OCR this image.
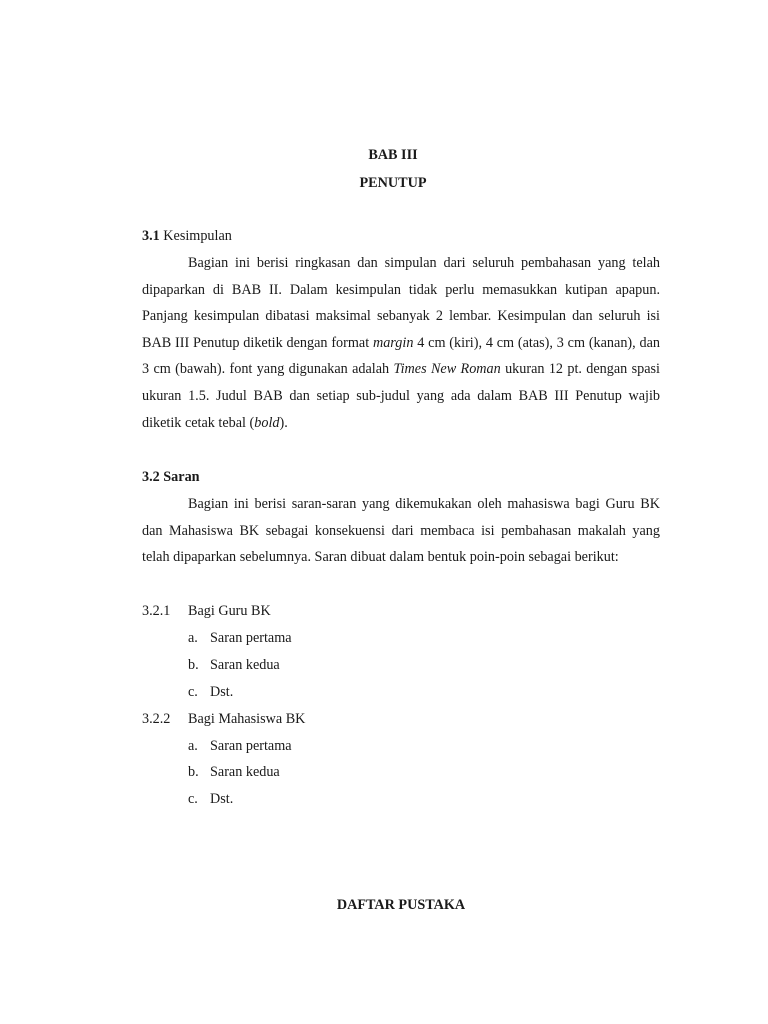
BAB III
PENUTUP
3.1 Kesimpulan
Bagian ini berisi ringkasan dan simpulan dari seluruh pembahasan yang telah dipaparkan di BAB II. Dalam kesimpulan tidak perlu memasukkan kutipan apapun. Panjang kesimpulan dibatasi maksimal sebanyak 2 lembar. Kesimpulan dan seluruh isi BAB III Penutup diketik dengan format margin 4 cm (kiri), 4 cm (atas), 3 cm (kanan), dan 3 cm (bawah). font yang digunakan adalah Times New Roman ukuran 12 pt. dengan spasi ukuran 1.5. Judul BAB dan setiap sub-judul yang ada dalam BAB III Penutup wajib diketik cetak tebal (bold).
3.2 Saran
Bagian ini berisi saran-saran yang dikemukakan oleh mahasiswa bagi Guru BK dan Mahasiswa BK sebagai konsekuensi dari membaca isi pembahasan makalah yang telah dipaparkan sebelumnya. Saran dibuat dalam bentuk poin-poin sebagai berikut:
3.2.1 Bagi Guru BK
a. Saran pertama
b. Saran kedua
c. Dst.
3.2.2 Bagi Mahasiswa BK
a. Saran pertama
b. Saran kedua
c. Dst.
DAFTAR PUSTAKA
